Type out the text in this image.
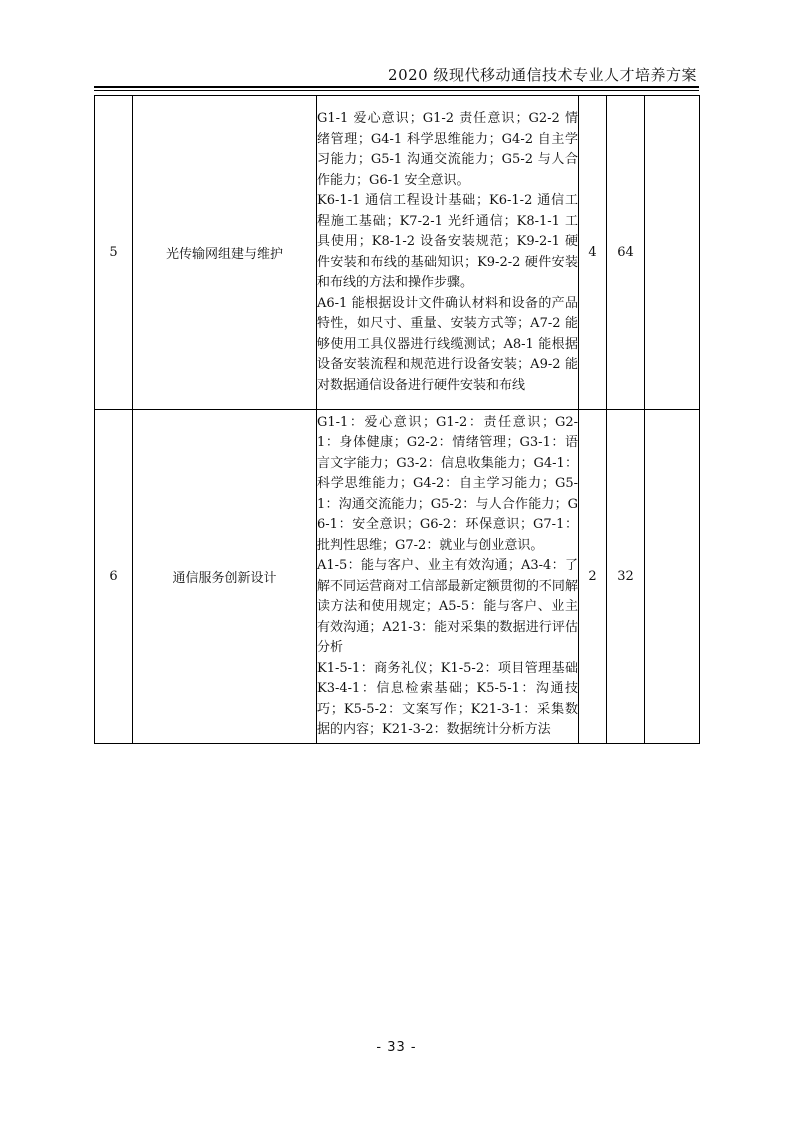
2020 级现代移动通信技术专业人才培养方案
5	光传输网组建与维护	G1-1 爱心意识；G1-2 责任意识；G2-2 情绪管理；G4-1 科学思维能力；G4-2 自主学习能力；G5-1 沟通交流能力；G5-2 与人合作能力；G6-1 安全意识。
K6-1-1 通信工程设计基础；K6-1-2 通信工程施工基础；K7-2-1 光纤通信；K8-1-1 工具使用；K8-1-2 设备安装规范；K9-2-1 硬件安装和布线的基础知识；K9-2-2 硬件安装和布线的方法和操作步骤。
A6-1 能根据设计文件确认材料和设备的产品特性，如尺寸、重量、安装方式等；A7-2 能够使用工具仪器进行线缆测试；A8-1 能根据设备安装流程和规范进行设备安装；A9-2 能对数据通信设备进行硬件安装和布线	4	64	
6	通信服务创新设计	G1-1：爱心意识；G1-2：责任意识；G2-1：身体健康；G2-2：情绪管理；G3-1：语言文字能力；G3-2：信息收集能力；G4-1：科学思维能力；G4-2：自主学习能力；G5-1：沟通交流能力；G5-2：与人合作能力；G6-1：安全意识；G6-2：环保意识；G7-1：批判性思维；G7-2：就业与创业意识。
A1-5：能与客户、业主有效沟通；A3-4：了解不同运营商对工信部最新定额贯彻的不同解读方法和使用规定；A5-5：能与客户、业主有效沟通；A21-3：能对采集的数据进行评估分析
K1-5-1：商务礼仪；K1-5-2：项目管理基础K3-4-1：信息检索基础；K5-5-1：沟通技巧；K5-5-2：文案写作；K21-3-1：采集数据的内容；K21-3-2：数据统计分析方法	2	32	
- 33 -
